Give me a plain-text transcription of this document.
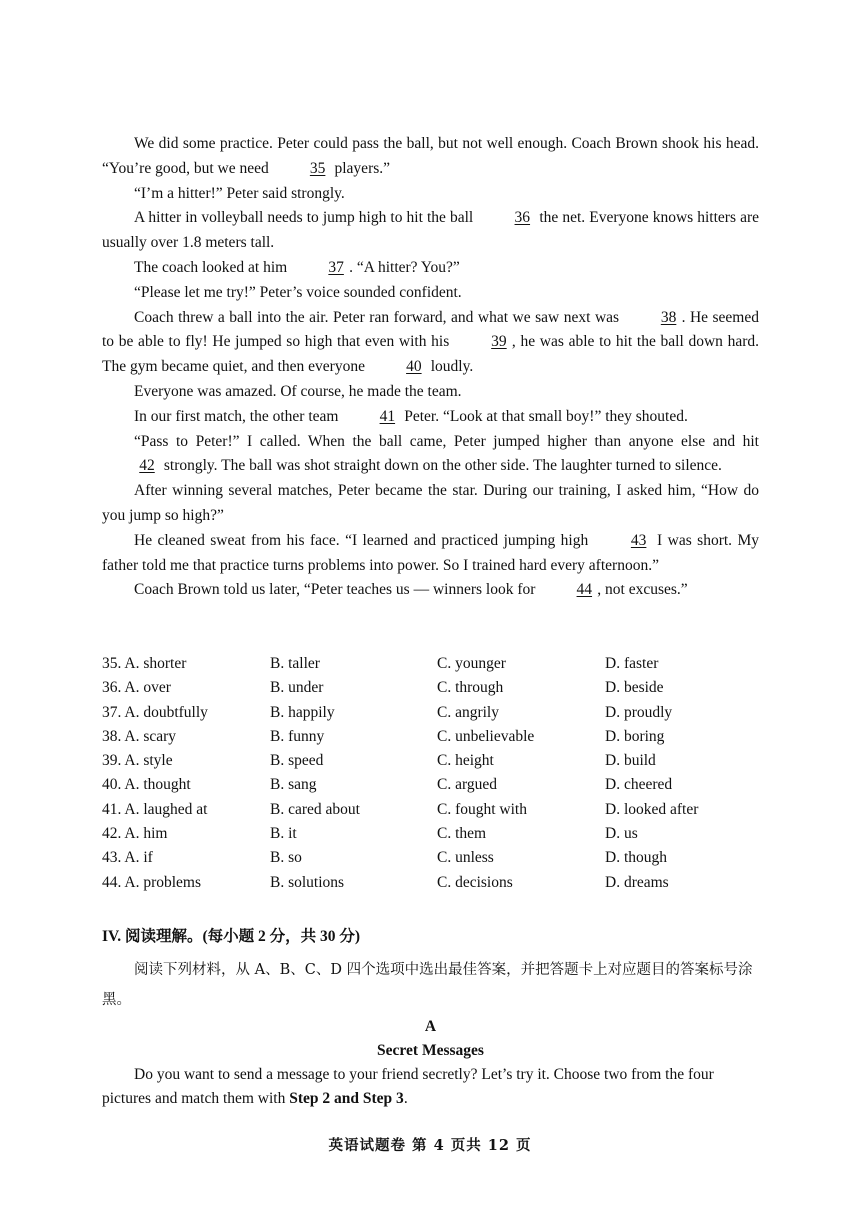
We did some practice. Peter could pass the ball, but not well enough. Coach Brown shook his head. “You’re good, but we need 35 players.”

“I’m a hitter!” Peter said strongly.

A hitter in volleyball needs to jump high to hit the ball 36 the net. Everyone knows hitters are usually over 1.8 meters tall.

The coach looked at him 37 . “A hitter? You?”

“Please let me try!” Peter’s voice sounded confident.

Coach threw a ball into the air. Peter ran forward, and what we saw next was 38 . He seemed to be able to fly! He jumped so high that even with his 39 , he was able to hit the ball down hard. The gym became quiet, and then everyone 40 loudly.

Everyone was amazed. Of course, he made the team.

In our first match, the other team 41 Peter. “Look at that small boy!” they shouted.

“Pass to Peter!” I called. When the ball came, Peter jumped higher than anyone else and hit 42 strongly. The ball was shot straight down on the other side. The laughter turned to silence.

After winning several matches, Peter became the star. During our training, I asked him, “How do you jump so high?”

He cleaned sweat from his face. “I learned and practiced jumping high 43 I was short. My father told me that practice turns problems into power. So I trained hard every afternoon.”

Coach Brown told us later, “Peter teaches us — winners look for 44 , not excuses.”

35. A. shorter	B. taller	C. younger	D. faster
36. A. over	B. under	C. through	D. beside
37. A. doubtfully	B. happily	C. angrily	D. proudly
38. A. scary	B. funny	C. unbelievable	D. boring
39. A. style	B. speed	C. height	D. build
40. A. thought	B. sang	C. argued	D. cheered
41. A. laughed at	B. cared about	C. fought with	D. looked after
42. A. him	B. it	C. them	D. us
43. A. if	B. so	C. unless	D. though
44. A. problems	B. solutions	C. decisions	D. dreams
IV. 阅读理解。(每小题 2 分，共 30 分)
阅读下列材料，从 A、B、C、D 四个选项中选出最佳答案，并把答题卡上对应题目的答案标号涂黑。
A
Secret Messages

Do you want to send a message to your friend secretly? Let’s try it. Choose two from the four pictures and match them with Step 2 and Step 3.

英语试题卷 第 4 页共 12 页
